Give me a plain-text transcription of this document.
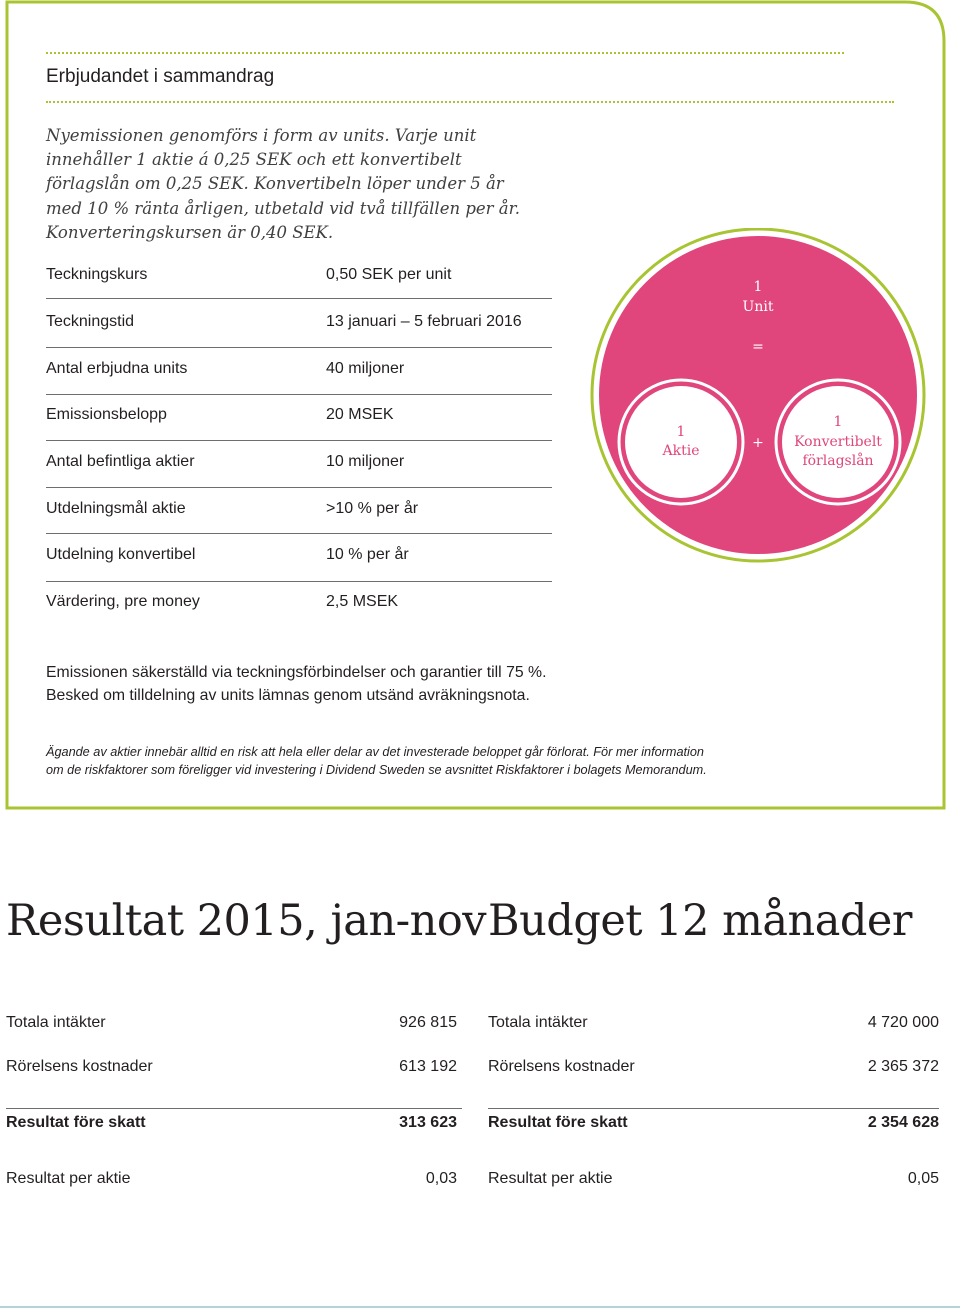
Erbjudandet i sammandrag
Nyemissionen genomförs i form av units. Varje unit
innehåller 1 aktie á 0,25 SEK och ett konvertibelt
förlagslån om 0,25 SEK. Konvertibeln löper under 5 år
med 10 % ränta årligen, utbetald vid två tillfällen per år.
Konverteringskursen är 0,40 SEK.
Teckningskurs	0,50 SEK per unit
Teckningstid	13 januari – 5 februari 2016
Antal erbjudna units	40 miljoner
Emissionsbelopp	20 MSEK
Antal befintliga aktier	10 miljoner
Utdelningsmål aktie	>10 % per år
Utdelning konvertibel	10 % per år
Värdering, pre money	2,5 MSEK
1
Unit
=
+
1
Aktie
1
Konvertibelt
förlagslån
Emissionen säkerställd via teckningsförbindelser och garantier till 75 %.
Besked om tilldelning av units lämnas genom utsänd avräkningsnota.
Ägande av aktier innebär alltid en risk att hela eller delar av det investerade beloppet går förlorat. För mer information
om de riskfaktorer som föreligger vid investering i Dividend Sweden se avsnittet Riskfaktorer i bolagets Memorandum.
Resultat 2015, jan-nov Budget 12 månader
Totala intäkter	926 815
Rörelsens kostnader	613 192
Resultat före skatt	313 623
Resultat per aktie	0,03
Totala intäkter	4 720 000
Rörelsens kostnader	2 365 372
Resultat före skatt	2 354 628
Resultat per aktie	0,05
